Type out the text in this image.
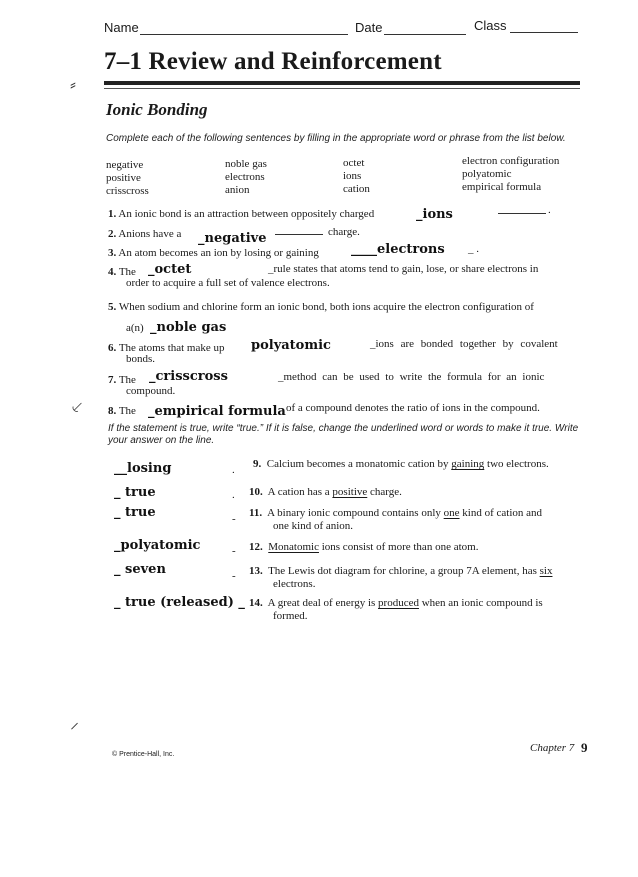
Name	Date	Class
7–1 Review and Reinforcement
Ionic Bonding
Complete each of the following sentences by filling in the appropriate word or phrase from the list below.
negative
positive
crisscross
noble gas
electrons
anion
octet
ions
cation
electron configuration
polyatomic
empirical formula
1. An ionic bond is an attraction between oppositely charged	_ions	.
2. Anions have a _negative	charge.
3. An atom becomes an ion by losing or gaining ____electrons _ .
4. The _octet	_rule states that atoms tend to gain, lose, or share electrons in
order to acquire a full set of valence electrons.
5. When sodium and chlorine form an ionic bond, both ions acquire the electron configuration of
a(n) _noble gas
6. The atoms that make up polyatomic	_ions are bonded together by covalent
bonds.
7. The _crisscross	_method can be used to write the formula for an ionic
compound.
8. The _empirical formula of a compound denotes the ratio of ions in the compound.
If the statement is true, write “true.” If it is false, change the underlined word or words to make it true. Write your answer on the line.
__losing	. 9. Calcium becomes a monatomic cation by gaining two electrons.
_ true	. 10. A cation has a positive charge.
_ true	- 11. A binary ionic compound contains only one kind of cation and
one kind of anion.
_polyatomic	- 12. Monatomic ions consist of more than one atom.
_ seven	- 13. The Lewis dot diagram for chlorine, a group 7A element, has six
electrons.
_ true (released) _ 14. A great deal of energy is produced when an ionic compound is
formed.
⸗
⸔
⸝
© Prentice-Hall, Inc.
Chapter 7 9
